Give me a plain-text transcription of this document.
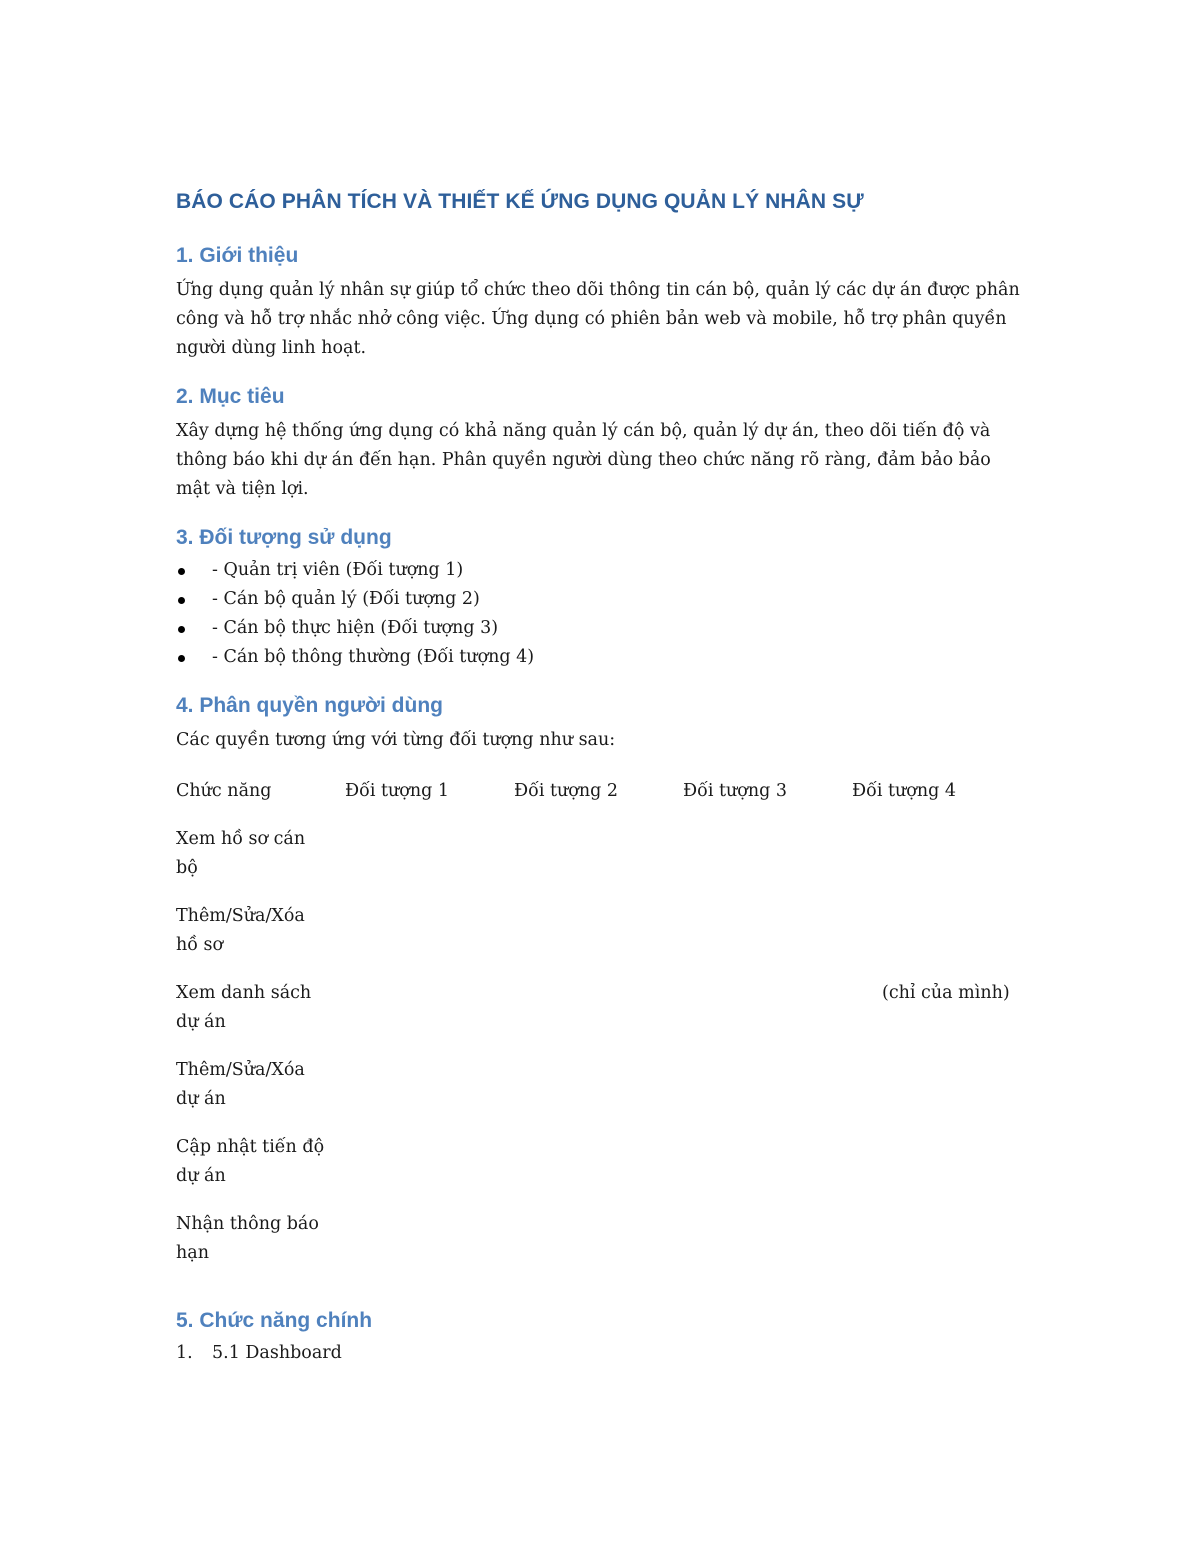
BÁO CÁO PHÂN TÍCH VÀ THIẾT KẾ ỨNG DỤNG QUẢN LÝ NHÂN SỰ
1. Giới thiệu

Ứng dụng quản lý nhân sự giúp tổ chức theo dõi thông tin cán bộ, quản lý các dự án được phân công và hỗ trợ nhắc nhở công việc. Ứng dụng có phiên bản web và mobile, hỗ trợ phân quyền người dùng linh hoạt.

2. Mục tiêu

Xây dựng hệ thống ứng dụng có khả năng quản lý cán bộ, quản lý dự án, theo dõi tiến độ và thông báo khi dự án đến hạn. Phân quyền người dùng theo chức năng rõ ràng, đảm bảo bảo mật và tiện lợi.

3. Đối tượng sử dụng
- Quản trị viên (Đối tượng 1)
- Cán bộ quản lý (Đối tượng 2)
- Cán bộ thực hiện (Đối tượng 3)
- Cán bộ thông thường (Đối tượng 4)
4. Phân quyền người dùng

Các quyền tương ứng với từng đối tượng như sau:

Chức năng	Đối tượng 1	Đối tượng 2	Đối tượng 3	Đối tượng 4
Xem hồ sơ cán bộ				
Thêm/Sửa/Xóa hồ sơ				
Xem danh sách dự án				(chỉ của mình)
Thêm/Sửa/Xóa dự án				
Cập nhật tiến độ dự án				
Nhận thông báo hạn				
5. Chức năng chính
1. 5.1 Dashboard
